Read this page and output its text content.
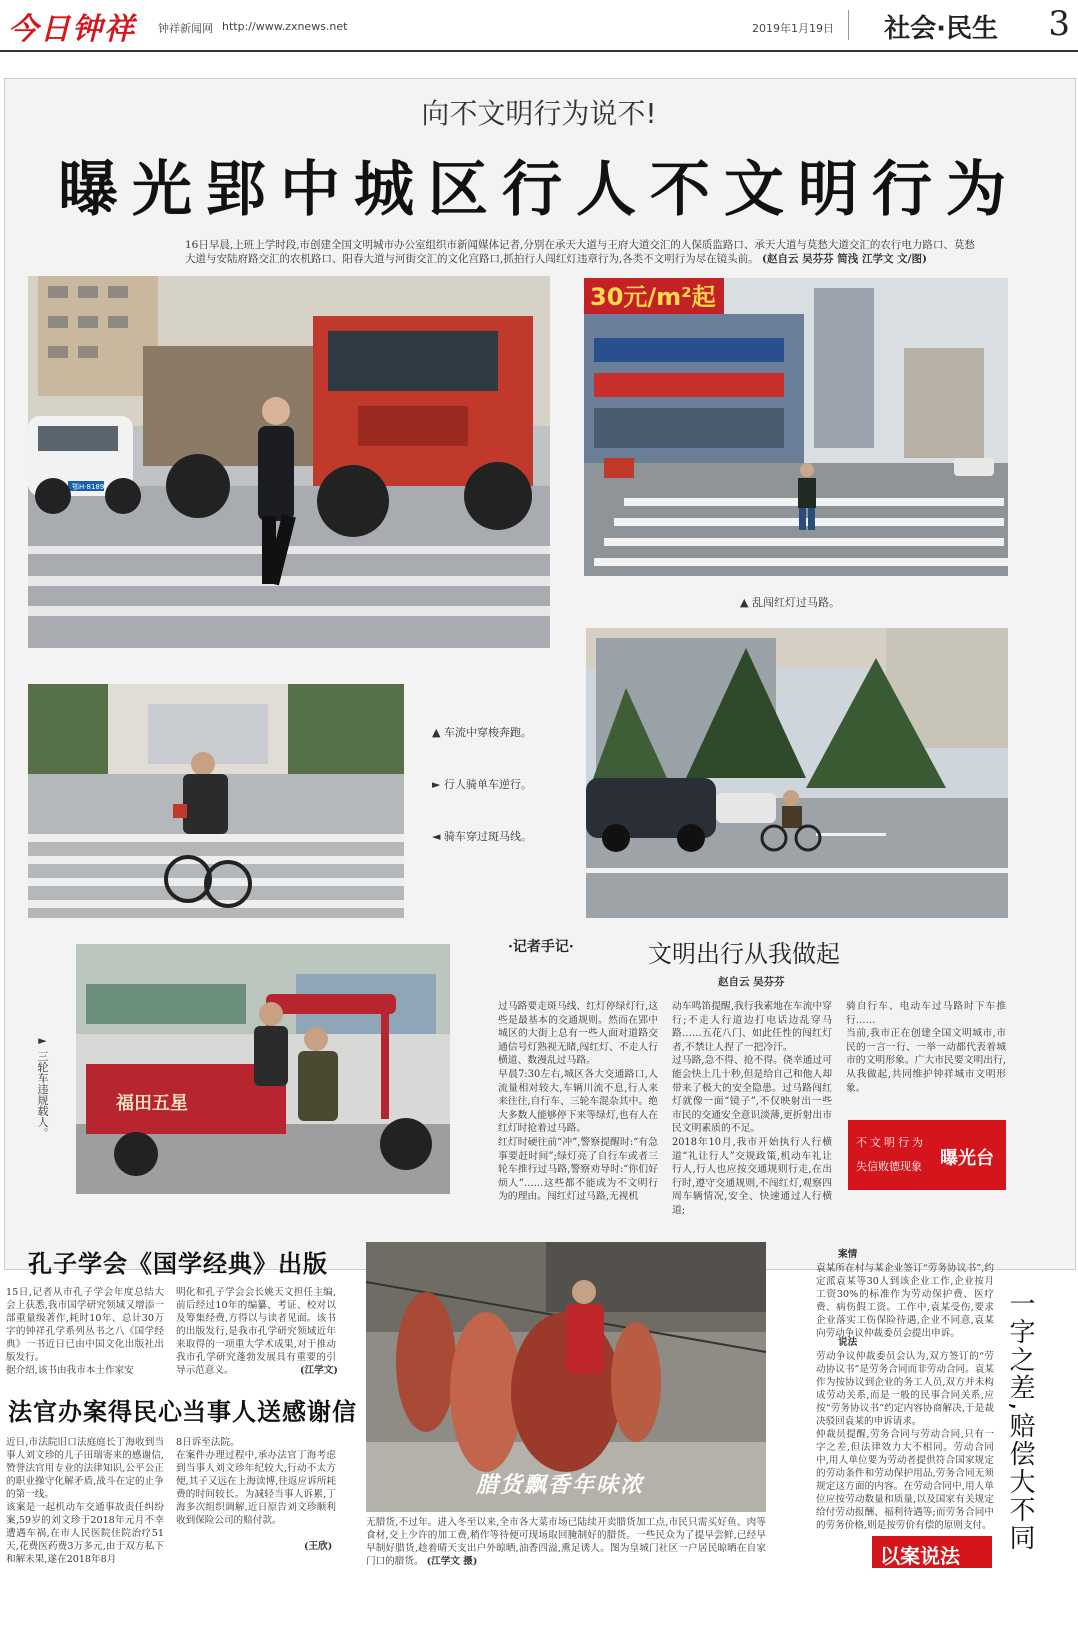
今日钟祥 钟祥新闻网 http://www.zxnews.net	2019年1月19日 社会·民生 3
向不文明行为说不!
曝光郢中城区行人不文明行为
16日早晨,上班上学时段,市创建全国文明城市办公室组织市新闻媒体记者,分别在承天大道与王府大道交汇的人保质监路口、承天大道与莫愁大道交汇的农行电力路口、莫愁大道与安陆府路交汇的农机路口、阳春大道与河街交汇的文化宫路口,抓拍行人闯红灯违章行为,各类不文明行为尽在镜头前。 (赵自云 吴芬芬 简浅 江学文 文/图)
鄂H·8189
30元/m²起
▲ 乱闯红灯过马路。
▲ 车流中穿梭奔跑。
► 行人骑单车逆行。
◄ 骑车穿过斑马线。
福田五星
► 三轮车违规载人。
·记者手记·	文明出行从我做起
赵自云 吴芬芬
过马路要走斑马线、红灯停绿灯行,这些是最基本的交通规则。然而在郢中城区的大街上总有一些人面对道路交通信号灯熟视无睹,闯红灯、不走人行横道、数漫乱过马路。
早晨7:30左右,城区各大交通路口,人流量相对较大,车辆川流不息,行人来来往往,自行车、三轮车混杂其中。绝大多数人能够停下来等绿灯,也有人在红灯时抢着过马路。
红灯时硬往前“冲”,警察提醒时:“有急事要赶时间”;绿灯亮了自行车或者三轮车推行过马路,警察劝导时:“你们好烦人”……这些都不能成为不文明行为的理由。闯红灯过马路,无视机
动车鸣笛提醒,我行我素地在车流中穿行;不走人行道边打电话边乱穿马路……五花八门、如此任性的闯红灯者,不禁让人捏了一把冷汗。
过马路,急不得、抢不得。侥幸通过可能会快上几十秒,但是给自己和他人却带来了极大的安全隐患。过马路闯红灯就像一面“镜子”,不仅映射出一些市民的交通安全意识淡薄,更折射出市民文明素质的不足。
2018年10月,我市开始执行人行横道“礼让行人”交规政策,机动车礼让行人,行人也应按交通规则行走,在出行时,遵守交通规则,不闯红灯,观察四周车辆情况,安全、快速通过人行横道;
骑自行车、电动车过马路时下车推行……
当前,我市正在创建全国文明城市,市民的一言一行、一举一动都代表着城市的文明形象。广大市民要文明出行,从我做起,共同维护钟祥城市文明形象。
不文明行为
失信败德现象 曝光台
孔子学会《国学经典》出版
15日,记者从市孔子学会年度总结大会上获悉,我市国学研究领域又增添一部重量级著作,耗时10年、总计30万字的钟祥孔学系列丛书之八《国学经典》一书近日已由中国文化出版社出版发行。
据介绍,该书由我市本土作家安
明化和孔子学会会长姚天文担任主编,前后经过10年的编纂、考证、校对以及筹集经费,方得以与读者见面。该书的出版发行,是我市孔学研究领域近年来取得的一项重大学术成果,对于推动我市孔学研究蓬勃发展具有重要的引导示范意义。	(江学文)
法官办案得民心 当事人送感谢信
近日,市法院旧口法庭庭长丁海收到当事人刘文珍的儿子田瑞寄来的感谢信,赞誉法官用专业的法律知识,公平公正的职业操守化解矛盾,战斗在定的止争的第一线。
该案是一起机动车交通事故责任纠纷案,59岁的刘文珍于2018年元月不幸遭遇车祸,在市人民医院住院治疗51天,花费医药费3万多元,由于双方私下和解未果,遂在2018年8月
8日诉至法院。
在案件办理过程中,承办法官丁海考虑到当事人刘文珍年纪较大,行动不太方便,其子又远在上海读博,往返应诉所耗费的时间较长。为减轻当事人诉累,丁海多次组织调解,近日原告刘文珍顺利收到保险公司的赔付款。
(王欣)
腊货飘香年味浓
无腊货,不过年。进入冬至以来,全市各大菜市场已陆续开卖腊货加工点,市民只需买好鱼、肉等食材,交上少许的加工费,稍作等待便可现场取回腌制好的腊货。一些民众为了提早尝鲜,已经早早制好腊货,趁着晴天支出户外晾晒,油香四溢,熏足诱人。图为皇城门社区一户居民晾晒在自家门口的腊货。 (江学文 摄)
案情
袁某所在村与某企业签订“劳务协议书”,约定派袁某等30人到该企业工作,企业按月工资30%的标准作为劳动保护费、医疗费、病伤假工资。工作中,袁某受伤,要求企业落实工伤保险待遇,企业不同意,袁某向劳动争议仲裁委员会提出申诉。
说法
劳动争议仲裁委员会认为,双方签订的“劳动协议书”是劳务合同而非劳动合同。袁某作为按协议到企业的务工人员,双方并未构成劳动关系,而是一般的民事合同关系,应按“劳务协议书”约定内容协商解决,于是裁决驳回袁某的申诉请求。
仲裁员提醒,劳务合同与劳动合同,只有一字之差,但法律效力大不相同。劳动合同中,用人单位要为劳动者提供符合国家规定的劳动条件和劳动保护用品,劳务合同无须规定这方面的内容。在劳动合同中,用人单位应按劳动数量和质量,以及国家有关规定给付劳动报酬、福利待遇等;而劳务合同中的劳务价格,则是按劳价有偿的原则支付。
以案说法
一字之差,赔偿大不同
